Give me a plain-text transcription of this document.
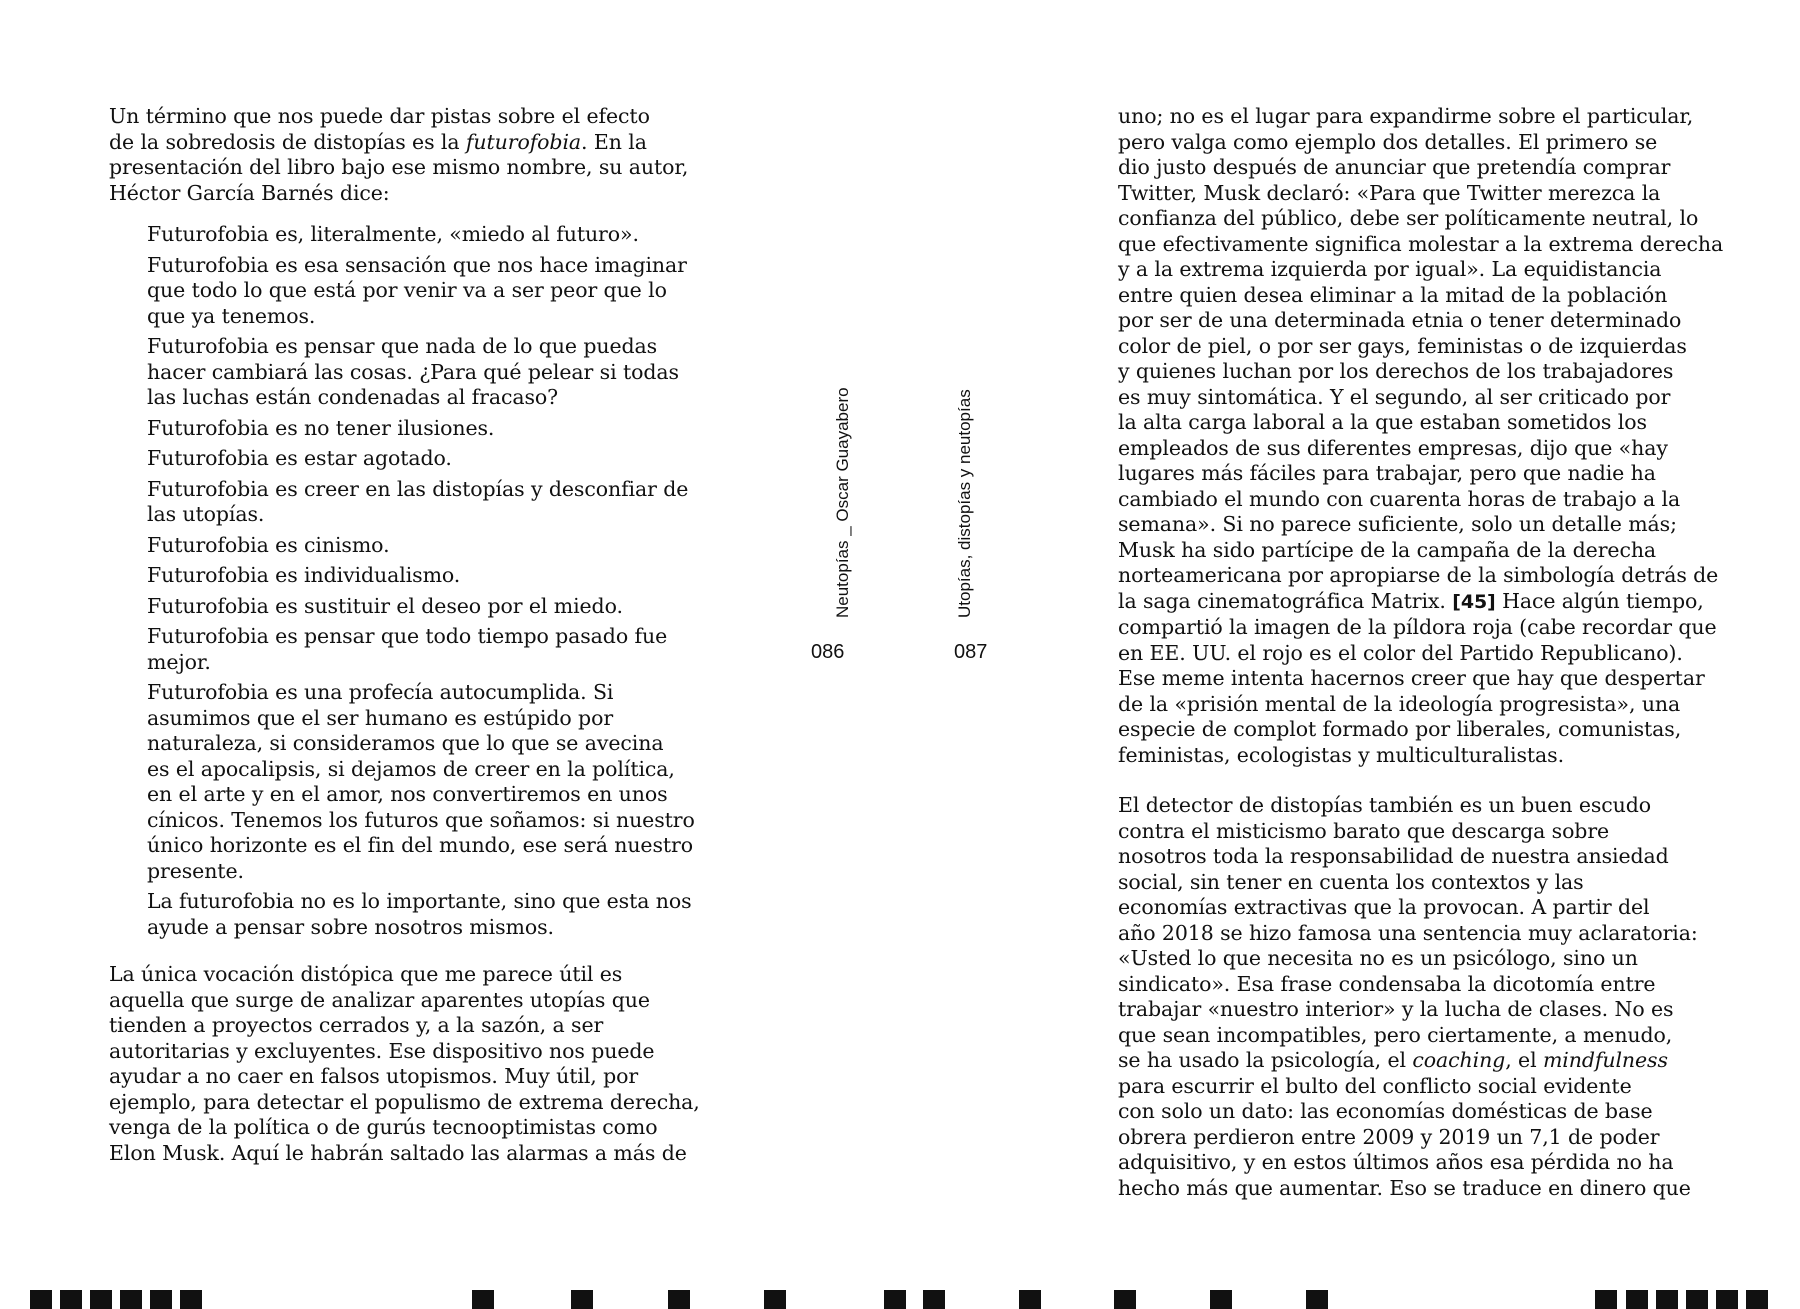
Un término que nos puede dar pistas sobre el efecto
de la sobredosis de distopías es la futurofobia. En la
presentación del libro bajo ese mismo nombre, su autor,
Héctor García Barnés dice:

Futurofobia es, literalmente, «miedo al futuro».

Futurofobia es esa sensación que nos hace imaginar
que todo lo que está por venir va a ser peor que lo
que ya tenemos.

Futurofobia es pensar que nada de lo que puedas
hacer cambiará las cosas. ¿Para qué pelear si todas
las luchas están condenadas al fracaso?

Futurofobia es no tener ilusiones.

Futurofobia es estar agotado.

Futurofobia es creer en las distopías y desconfiar de
las utopías.

Futurofobia es cinismo.

Futurofobia es individualismo.

Futurofobia es sustituir el deseo por el miedo.

Futurofobia es pensar que todo tiempo pasado fue
mejor.

Futurofobia es una profecía autocumplida. Si
asumimos que el ser humano es estúpido por
naturaleza, si consideramos que lo que se avecina
es el apocalipsis, si dejamos de creer en la política,
en el arte y en el amor, nos convertiremos en unos
cínicos. Tenemos los futuros que soñamos: si nuestro
único horizonte es el fin del mundo, ese será nuestro
presente.

La futurofobia no es lo importante, sino que esta nos
ayude a pensar sobre nosotros mismos.

La única vocación distópica que me parece útil es
aquella que surge de analizar aparentes utopías que
tienden a proyectos cerrados y, a la sazón, a ser
autoritarias y excluyentes. Ese dispositivo nos puede
ayudar a no caer en falsos utopismos. Muy útil, por
ejemplo, para detectar el populismo de extrema derecha,
venga de la política o de gurús tecnooptimistas como
Elon Musk. Aquí le habrán saltado las alarmas a más de

Neutopías _ Oscar Guayabero
086
Utopías, distopías y neutopías
087

uno; no es el lugar para expandirme sobre el particular,
pero valga como ejemplo dos detalles. El primero se
dio justo después de anunciar que pretendía comprar
Twitter, Musk declaró: «Para que Twitter merezca la
confianza del público, debe ser políticamente neutral, lo
que efectivamente significa molestar a la extrema derecha
y a la extrema izquierda por igual». La equidistancia
entre quien desea eliminar a la mitad de la población
por ser de una determinada etnia o tener determinado
color de piel, o por ser gays, feministas o de izquierdas
y quienes luchan por los derechos de los trabajadores
es muy sintomática. Y el segundo, al ser criticado por
la alta carga laboral a la que estaban sometidos los
empleados de sus diferentes empresas, dijo que «hay
lugares más fáciles para trabajar, pero que nadie ha
cambiado el mundo con cuarenta horas de trabajo a la
semana». Si no parece suficiente, solo un detalle más;
Musk ha sido partícipe de la campaña de la derecha
norteamericana por apropiarse de la simbología detrás de
la saga cinematográfica Matrix. [45] Hace algún tiempo,
compartió la imagen de la píldora roja (cabe recordar que
en EE. UU. el rojo es el color del Partido Republicano).
Ese meme intenta hacernos creer que hay que despertar
de la «prisión mental de la ideología progresista», una
especie de complot formado por liberales, comunistas,
feministas, ecologistas y multiculturalistas.

El detector de distopías también es un buen escudo
contra el misticismo barato que descarga sobre
nosotros toda la responsabilidad de nuestra ansiedad
social, sin tener en cuenta los contextos y las
economías extractivas que la provocan. A partir del
año 2018 se hizo famosa una sentencia muy aclaratoria:
«Usted lo que necesita no es un psicólogo, sino un
sindicato». Esa frase condensaba la dicotomía entre
trabajar «nuestro interior» y la lucha de clases. No es
que sean incompatibles, pero ciertamente, a menudo,
se ha usado la psicología, el coaching, el mindfulness
para escurrir el bulto del conflicto social evidente
con solo un dato: las economías domésticas de base
obrera perdieron entre 2009 y 2019 un 7,1 de poder
adquisitivo, y en estos últimos años esa pérdida no ha
hecho más que aumentar. Eso se traduce en dinero que
